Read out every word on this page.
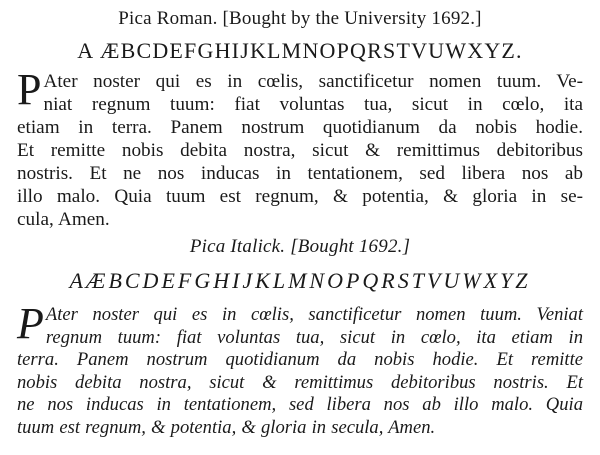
Pica Roman. [Bought by the University 1692.]
A ÆBCDEFGHIJKLMNOPQRSTVUWXYZ.
P Ater noster qui es in cœlis, sanctificetur nomen tuum. Ve-
niat regnum tuum: fiat voluntas tua, sicut in cœlo, ita
etiam in terra. Panem nostrum quotidianum da nobis hodie.
Et remitte nobis debita nostra, sicut & remittimus debitoribus
nostris. Et ne nos inducas in tentationem, sed libera nos ab
illo malo. Quia tuum est regnum, & potentia, & gloria in se-
cula, Amen.
Pica Italick. [Bought 1692.]
AÆBCDEFGHIJKLMNOPQRSTVUWXYZ
P Ater noster qui es in cœlis, sanctificetur nomen tuum. Veniat
regnum tuum: fiat voluntas tua, sicut in cœlo, ita etiam in
terra. Panem nostrum quotidianum da nobis hodie. Et remitte
nobis debita nostra, sicut & remittimus debitoribus nostris. Et
ne nos inducas in tentationem, sed libera nos ab illo malo. Quia
tuum est regnum, & potentia, & gloria in secula, Amen.
